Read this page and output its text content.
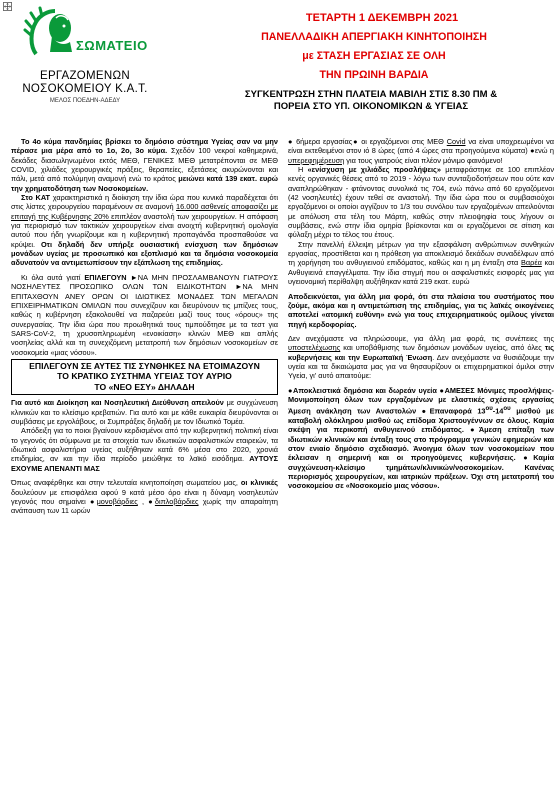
ΣΩΜΑΤΕΙΟ
ΕΡΓΑΖΟΜΕΝΩΝ
ΝΟΣΟΚΟΜΕΙΟΥ Κ.Α.Τ.
ΜΕΛΟΣ ΠΟΕΔΗΝ-ΑΔΕΔΥ
ΤΕΤΑΡΤΗ 1 ΔΕΚΕΜΒΡΗ 2021
ΠΑΝΕΛΛΑΔΙΚΗ ΑΠΕΡΓΙΑΚΗ ΚΙΝΗΤΟΠΟΙΗΣΗ
με ΣΤΑΣΗ ΕΡΓΑΣΙΑΣ ΣΕ ΟΛΗ
ΤΗΝ ΠΡΩΙΝΗ ΒΑΡΔΙΑ
ΣΥΓΚΕΝΤΡΩΣΗ ΣΤΗΝ ΠΛΑΤΕΙΑ ΜΑΒΙΛΗ ΣΤΙΣ 8.30 ΠΜ &
ΠΟΡΕΙΑ ΣΤΟ ΥΠ. ΟΙΚΟΝΟΜΙΚΩΝ & ΥΓΕΙΑΣ

Το 4ο κύμα πανδημίας βρίσκει το δημόσιο σύστημα Υγείας σαν να μην πέρασε μια μέρα από το 1ο, 2ο, 3ο κύμα. Σχεδόν 100 νεκροί καθημερινά, δεκάδες διασωληνωμένοι εκτός ΜΕΘ, ΓΕΝΙΚΕΣ ΜΕΘ μετατρέπονται σε ΜΕΘ COVID, χιλιάδες χειρουργικές πράξεις, θεραπείες, εξετάσεις ακυρώνονται και πάλι, μετά από πολύμηνη αναμονή ενώ το κράτος μειώνει κατά 139 εκατ. ευρώ την χρηματοδότηση των Νοσοκομείων.

Στο ΚΑΤ χαρακτηριστικά η διοίκηση την ίδια ώρα που κυνικά παραδέχεται ότι στις λίστες χειρουργείου παραμένουν σε αναμονή 16.000 ασθενείς αποφασίζει με επιταγή της Κυβέρνησης 20% επιπλέον αναστολή των χειρουργείων. Η απόφαση για περιορισμό των τακτικών χειρουργείων είναι ανοιχτή κυβερνητική ομολογία αυτού που ήδη γνωρίζουμε και η κυβερνητική προπαγάνδα προσπαθούσε να κρύψει. Οτι δηλαδή δεν υπήρξε ουσιαστική ενίσχυση των δημόσιων μονάδων υγείας με προσωπικό και εξοπλισμό και τα δημόσια νοσοκομεία αδυνατούν να αντιμετωπίσουν την εξάπλωση της επιδημίας.

Κι όλα αυτά γιατί ΕΠΙΛΕΓΟΥΝ ►ΝΑ ΜΗΝ ΠΡΟΣΛΑΜΒΑΝΟΥΝ ΓΙΑΤΡΟΥΣ ΝΟΣΗΛΕΥΤΕΣ ΠΡΟΣΩΠΙΚΟ ΟΛΩΝ ΤΩΝ ΕΙΔΙΚΟΤΗΤΩΝ ►ΝΑ ΜΗΝ ΕΠΙΤΑΧΘΟΥΝ ΑΝΕΥ ΟΡΩΝ ΟΙ ΙΔΙΩΤΙΚΕΣ ΜΟΝΑΔΕΣ ΤΩΝ ΜΕΓΑΛΩΝ ΕΠΙΧΕΙΡΗΜΑΤΙΚΩΝ ΟΜΙΛΩΝ που συνεχίζουν και διευρύνουν τις μπίζνες τους, καθώς η κυβέρνηση εξακολουθεί να παζαρεύει μαζί τους τους «όρους» της συνεργασίας. Την ίδια ώρα που προωθητικά τους τιμπούδτησε με τα τεστ για SARS-CoV-2, τη χρυσοπληρωμένη «ενοικίαση» κλινών ΜΕΘ και απλής νοσηλείας αλλά και τη συνεχιζόμενη μετατροπή των δημόσιων νοσοκομείων σε νοσοκομεία «μιας νόσου».

ΕΠΙΛΕΓΟΥΝ ΣΕ ΑΥΤΕΣ ΤΙΣ ΣΥΝΘΗΚΕΣ ΝΑ ΕΤΟΙΜΑΖΟΥΝ
ΤΟ ΚΡΑΤΙΚΟ ΣΥΣΤΗΜΑ ΥΓΕΙΑΣ ΤΟΥ ΑΥΡΙΟ
ΤΟ «ΝΕΟ ΕΣΥ» ΔΗΛΑΔΗ

Για αυτό και Διοίκηση και Νοσηλευτική Διεύθυνση απειλούν με συγχώνευση κλινικών και το κλείσιμο κρεβατιών. Για αυτό και με κάθε ευκαιρία διευρύνονται οι συμβάσεις με εργολάβους, οι Συμπράξεις δηλαδή με τον Ιδιωτικό Τομέα.

Απόδειξη για το ποιοι βγαίνουν κερδισμένοι από την κυβερνητική πολιτική είναι το γεγονός ότι σύμφωνα με τα στοιχεία των ιδιωτικών ασφαλιστικών εταιρειών, τα ιδιωτικά ασφαλιστήρια υγείας αυξήθηκαν κατά 6% μέσα στο 2020, χρονιά επιδημίας, αν και την ίδια περίοδο μειώθηκε το λαϊκό εισόδημα. ΑΥΤΟΥΣ ΕΧΟΥΜΕ ΑΠΕΝΑΝΤΙ ΜΑΣ

Όπως αναφέρθηκε και στην τελευταία κινητοποίηση σωματείου μας, οι κλινικές δουλεύουν με επισφάλεια αφού 9 κατά μέσο όρο είναι η δύναμη νοσηλευτών γεγονός που σημαίνει ●μονοβάρδιες , ●διπλοβάρδιες χωρίς την απαραίτητη ανάπαυση των 11 ωρών

● 6ήμερα εργασίας● οι εργαζόμενοι στις ΜΕΘ Covid να είναι υποχρεωμένοι να είναι εκτεθειμένοι στον ιό 8 ώρες (από 4 ώρες στα προηγούμενα κύματα) ●ενώ η υπερεφημέρευση για τους γιατρούς είναι πλέον μόνιμο φαινόμενο!

Η «ενίσχυση με χιλιάδες προσλήψεις» μεταφράστηκε σε 100 επιπλέον κενές οργανικές θέσεις από το 2019 - λόγω των συνταξιοδοτήσεων που ούτε καν αναπληρώθηκαν - φτάνοντας συνολικά τις 704, ενώ πάνω από 60 εργαζόμενοι (42 νοσηλευτές) έχουν τεθεί σε αναστολή. Την ίδια ώρα που οι συμβασιούχοι εργαζόμενοι οι οποίοι αγγίζουν το 1/3 του συνόλου των εργαζομένων απειλούνται με απόλυση στα τέλη του Μάρτη, καθώς στην πλειοψηφία τους λήγουν οι συμβάσεις, ενώ στην ίδια ομηρία βρίσκονται και οι εργαζόμενοι σε σίτιση και φύλαξη μέχρι το τέλος του έτους.

Στην πανελλή έλλειψη μέτρων για την εξασφάλιση ανθρώπινων συνθηκών εργασίας, προστίθεται και η πρόθεση για αποκλεισμό δεκάδων συναδέλφων από τη χορήγηση του ανθυγιεινού επιδόματος, καθώς και η μη ένταξη στα Βαρέα και Ανθυγιεινά επαγγέλματα. Την ίδια στιγμή που οι ασφαλιστικές εισφορές μας για υγειονομική περίθαλψη αυξήθηκαν κατά 219 εκατ. ευρώ

Αποδεικνύεται, για άλλη μια φορά, ότι στα πλαίσια του συστήματος που ζούμε, ακόμα και η αντιμετώπιση της επιδημίας, για τις λαϊκές οικογένειες αποτελεί «ατομική ευθύνη» ενώ για τους επιχειρηματικούς ομίλους γίνεται πηγή κερδοφορίας.

Δεν ανεχόμαστε να πληρώσουμε, για άλλη μια φορά, τις συνέπειες της υποστελέχωσης και υποβάθμισης των δημόσιων μονάδων υγείας, από όλες τις κυβερνήσεις και την Ευρωπαϊκή Ένωση. Δεν ανεχόμαστε να θυσιάζουμε την υγεία και τα δικαιώματα μας για να θησαυρίζουν οι επιχειρηματικοί όμιλοι στην Υγεία, γι' αυτό απαιτούμε:

●Αποκλειστικά δημόσια και δωρεάν υγεία ●ΑΜΕΣΕΣ Μόνιμες προσλήψεις-Μονιμοποίηση όλων των εργαζομένων με ελαστικές σχέσεις εργασίας Άμεση ανάκληση των Αναστολών ●Επαναφορά $13^{o\upsilon}-14^{o\upsilon}$ μισθού με καταβολή ολόκληρου μισθού ως επίδομα Χριστουγέννων σε όλους. Καμία σκέψη για περικοπή ανθυγιεινού επιδόματος. ●Άμεση επίταξη των ιδιωτικών κλινικών και ένταξη τους στο πρόγραμμα γενικών εφημεριών και στον ενιαίο δημόσιο σχεδιασμό. Άνοιγμα όλων των νοσοκομείων που έκλεισαν η σημερινή και οι προηγούμενες κυβερνήσεις. ●Καμία συγχώνευση-κλείσιμο τμημάτων/κλινικών/νοσοκομείων. Κανένας περιορισμός χειρουργείων, και ιατρικών πράξεων. Όχι στη μετατροπή του νοσοκομείου σε «Νοσοκομείο μιας νόσου».
